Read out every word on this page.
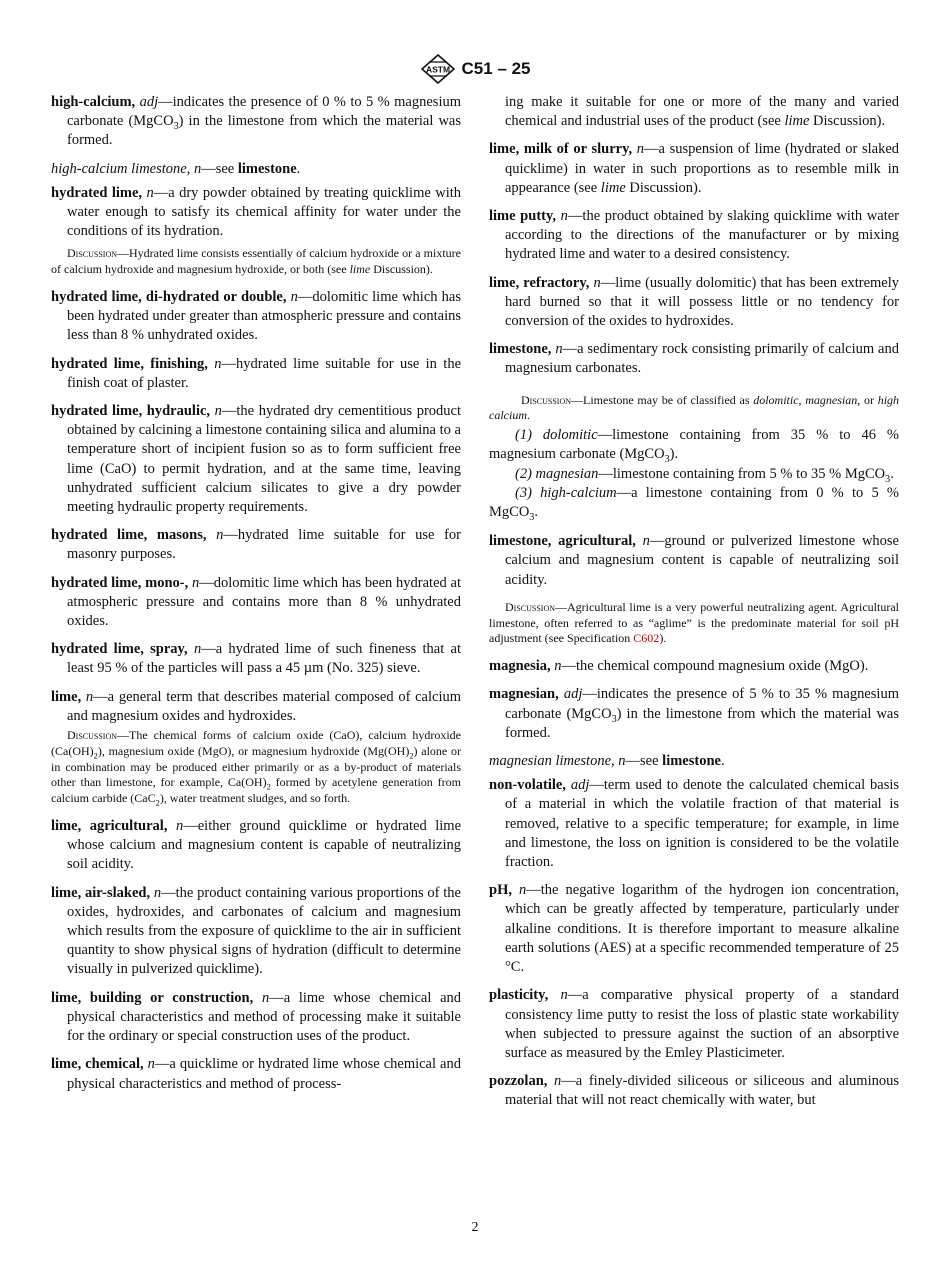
ASTM C51 – 25

high-calcium, adj—indicates the presence of 0 % to 5 % magnesium carbonate (MgCO$_3$) in the limestone from which the material was formed.

high-calcium limestone, n—see limestone.

hydrated lime, n—a dry powder obtained by treating quicklime with water enough to satisfy its chemical affinity for water under the conditions of its hydration.

Discussion—Hydrated lime consists essentially of calcium hydroxide or a mixture of calcium hydroxide and magnesium hydroxide, or both (see lime Discussion).

hydrated lime, di-hydrated or double, n—dolomitic lime which has been hydrated under greater than atmospheric pressure and contains less than 8 % unhydrated oxides.

hydrated lime, finishing, n—hydrated lime suitable for use in the finish coat of plaster.

hydrated lime, hydraulic, n—the hydrated dry cementitious product obtained by calcining a limestone containing silica and alumina to a temperature short of incipient fusion so as to form sufficient free lime (CaO) to permit hydration, and at the same time, leaving unhydrated sufficient calcium silicates to give a dry powder meeting hydraulic property requirements.

hydrated lime, masons, n—hydrated lime suitable for use for masonry purposes.

hydrated lime, mono-, n—dolomitic lime which has been hydrated at atmospheric pressure and contains more than 8 % unhydrated oxides.

hydrated lime, spray, n—a hydrated lime of such fineness that at least 95 % of the particles will pass a 45 µm (No. 325) sieve.

lime, n—a general term that describes material composed of calcium and magnesium oxides and hydroxides.

Discussion—The chemical forms of calcium oxide (CaO), calcium hydroxide $(Ca(OH)_2)$, magnesium oxide (MgO), or magnesium hydroxide $(Mg(OH)_2)$ alone or in combination may be produced either primarily or as a by-product of materials other than limestone, for example, $Ca(OH)_2$ formed by acetylene generation from calcium carbide (CaC$_2$), water treatment sludges, and so forth.

lime, agricultural, n—either ground quicklime or hydrated lime whose calcium and magnesium content is capable of neutralizing soil acidity.

lime, air-slaked, n—the product containing various proportions of the oxides, hydroxides, and carbonates of calcium and magnesium which results from the exposure of quicklime to the air in sufficient quantity to show physical signs of hydration (difficult to determine visually in pulverized quicklime).

lime, building or construction, n—a lime whose chemical and physical characteristics and method of processing make it suitable for the ordinary or special construction uses of the product.

lime, chemical, n—a quicklime or hydrated lime whose chemical and physical characteristics and method of process-

ing make it suitable for one or more of the many and varied chemical and industrial uses of the product (see lime Discussion).

lime, milk of or slurry, n—a suspension of lime (hydrated or slaked quicklime) in water in such proportions as to resemble milk in appearance (see lime Discussion).

lime putty, n—the product obtained by slaking quicklime with water according to the directions of the manufacturer or by mixing hydrated lime and water to a desired consistency.

lime, refractory, n—lime (usually dolomitic) that has been extremely hard burned so that it will possess little or no tendency for conversion of the oxides to hydroxides.

limestone, n—a sedimentary rock consisting primarily of calcium and magnesium carbonates.

Discussion—Limestone may be of classified as dolomitic, magnesian, or high calcium.

(1) dolomitic—limestone containing from 35 % to 46 % magnesium carbonate (MgCO$_3$).

(2) magnesian—limestone containing from 5 % to 35 % MgCO$_3$.

(3) high-calcium—a limestone containing from 0 % to 5 % MgCO$_3$.

limestone, agricultural, n—ground or pulverized limestone whose calcium and magnesium content is capable of neutralizing soil acidity.

Discussion—Agricultural lime is a very powerful neutralizing agent. Agricultural limestone, often referred to as “aglime” is the predominate material for soil pH adjustment (see Specification C602).

magnesia, n—the chemical compound magnesium oxide (MgO).

magnesian, adj—indicates the presence of 5 % to 35 % magnesium carbonate (MgCO$_3$) in the limestone from which the material was formed.

magnesian limestone, n—see limestone.

non-volatile, adj—term used to denote the calculated chemical basis of a material in which the volatile fraction of that material is removed, relative to a specific temperature; for example, in lime and limestone, the loss on ignition is considered to be the volatile fraction.

pH, n—the negative logarithm of the hydrogen ion concentration, which can be greatly affected by temperature, particularly under alkaline conditions. It is therefore important to measure alkaline earth solutions (AES) at a specific recommended temperature of 25 °C.

plasticity, n—a comparative physical property of a standard consistency lime putty to resist the loss of plastic state workability when subjected to pressure against the suction of an absorptive surface as measured by the Emley Plasticimeter.

pozzolan, n—a finely-divided siliceous or siliceous and aluminous material that will not react chemically with water, but

2
